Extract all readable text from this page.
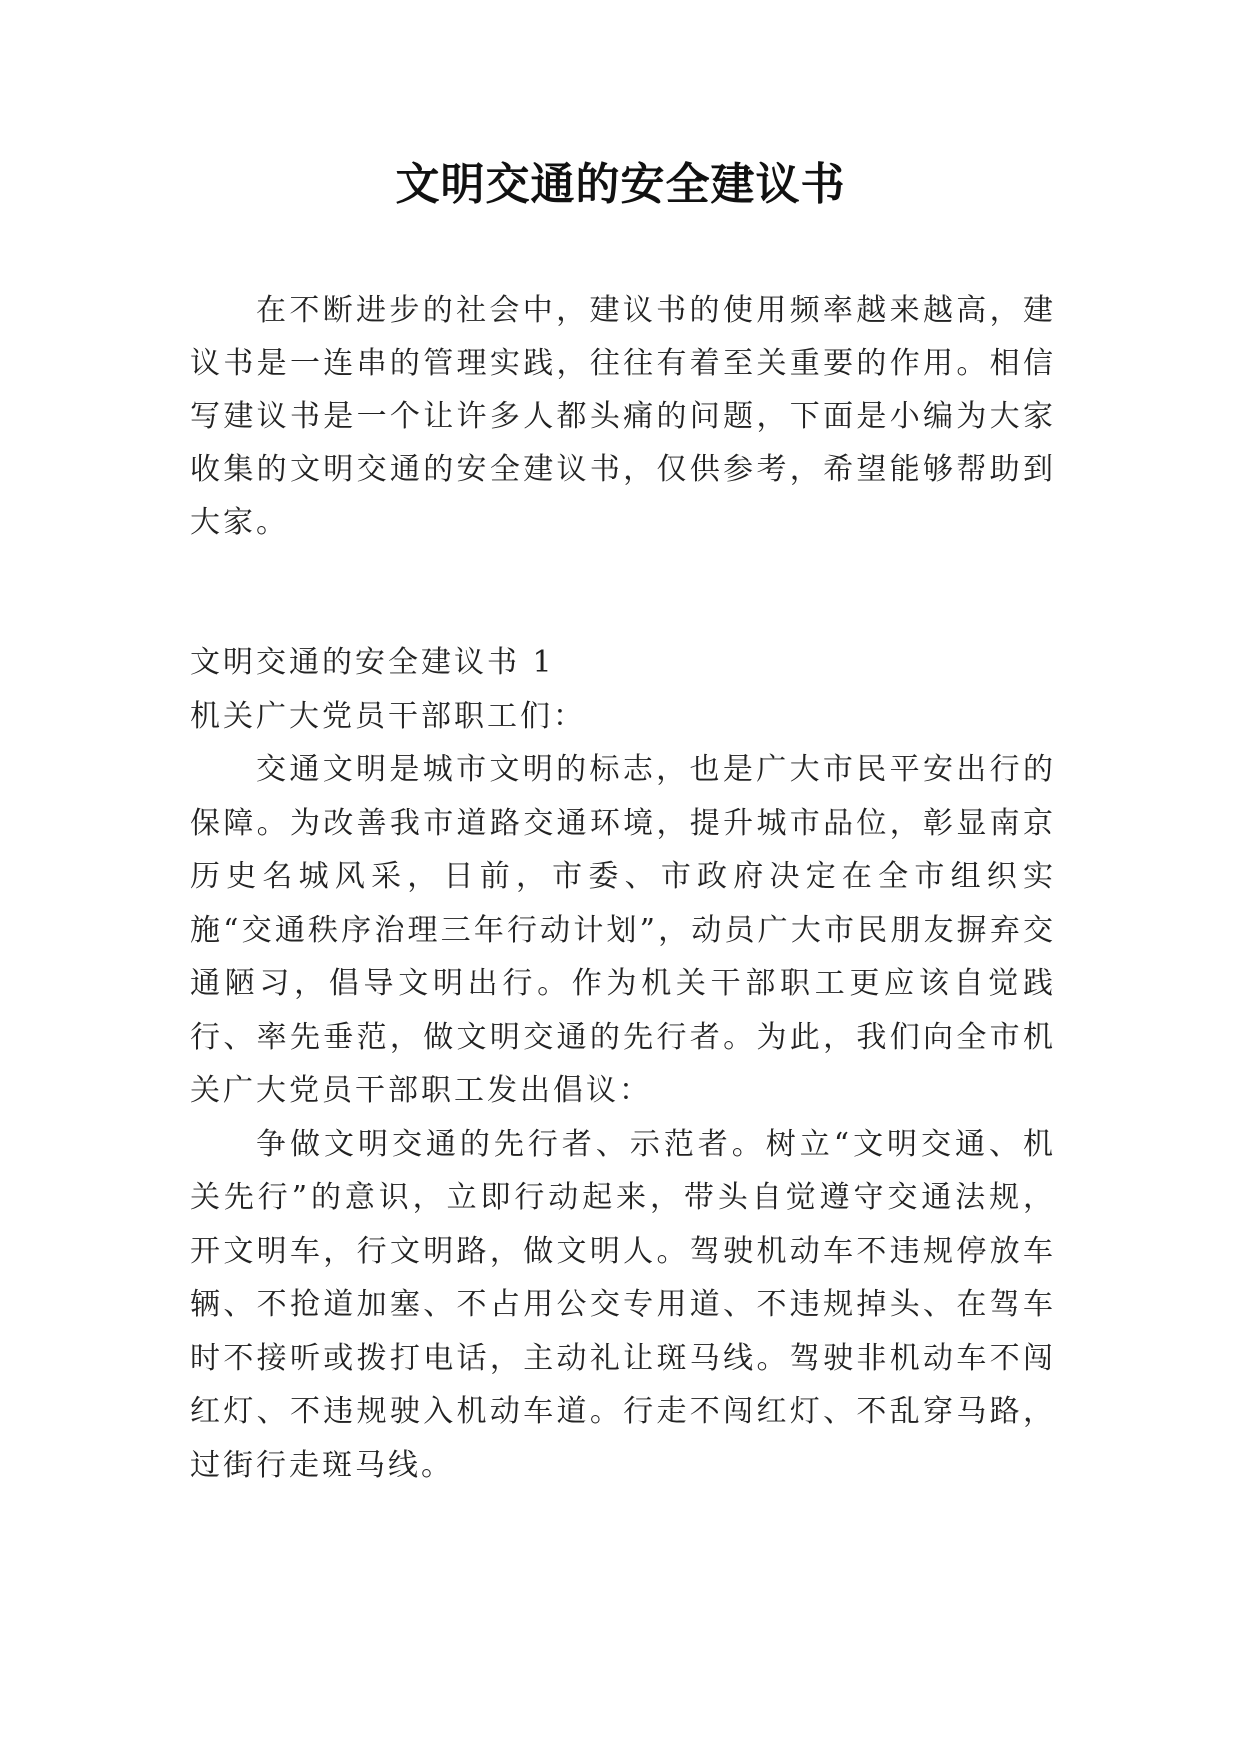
文明交通的安全建议书

在不断进步的社会中，建议书的使用频率越来越高，建议书是一连串的管理实践，往往有着至关重要的作用。相信写建议书是一个让许多人都头痛的问题，下面是小编为大家收集的文明交通的安全建议书，仅供参考，希望能够帮助到大家。

文明交通的安全建议书 1

机关广大党员干部职工们：

交通文明是城市文明的标志，也是广大市民平安出行的保障。为改善我市道路交通环境，提升城市品位，彰显南京历史名城风采，日前，市委、市政府决定在全市组织实施“交通秩序治理三年行动计划”，动员广大市民朋友摒弃交通陋习，倡导文明出行。作为机关干部职工更应该自觉践行、率先垂范，做文明交通的先行者。为此，我们向全市机关广大党员干部职工发出倡议：

争做文明交通的先行者、示范者。树立“文明交通、机关先行”的意识，立即行动起来，带头自觉遵守交通法规，开文明车，行文明路，做文明人。驾驶机动车不违规停放车辆、不抢道加塞、不占用公交专用道、不违规掉头、在驾车时不接听或拨打电话，主动礼让斑马线。驾驶非机动车不闯红灯、不违规驶入机动车道。行走不闯红灯、不乱穿马路，过街行走斑马线。
